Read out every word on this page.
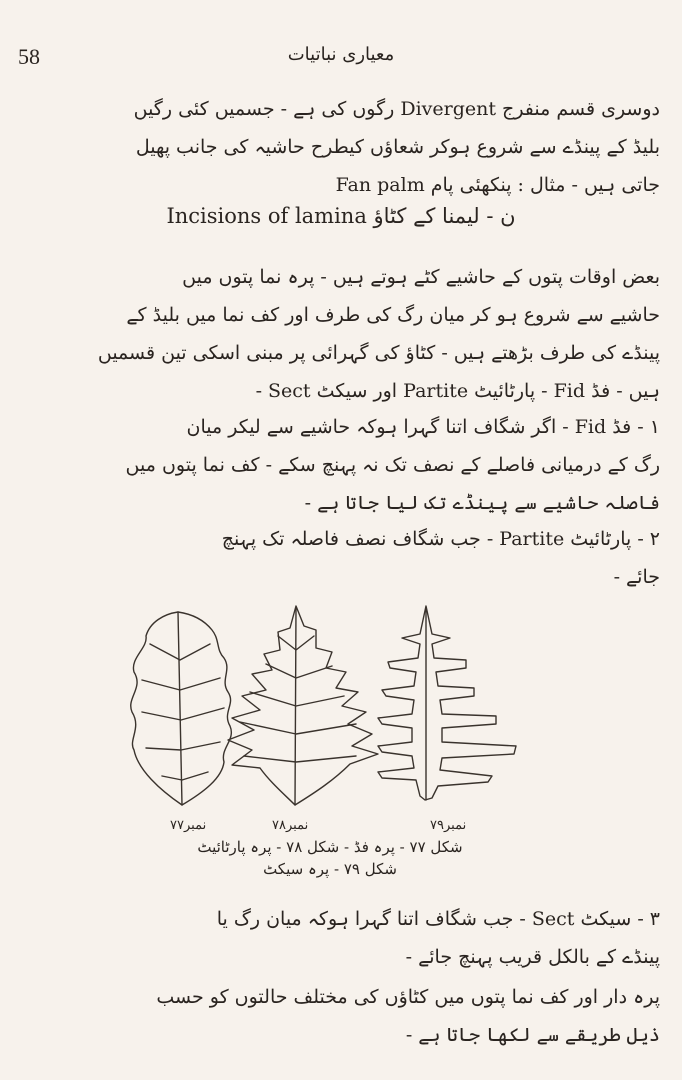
58	معیاری نباتیات
دوسری قسم منفرج Divergent رگوں کی ہے - جسمیں کئی رگیں
بلیڈ کے پینڈے سے شروع ہوکر شعاؤں کیطرح حاشیہ کی جانب پھیل
جاتی ہیں - مثال : پنکھئی پام Fan palm
ن - لیمنا کے کٹاؤ Incisions of lamina
بعض اوقات پتوں کے حاشیے کٹے ہوتے ہیں - پرہ نما پتوں میں
حاشیے سے شروع ہو کر میان رگ کی طرف اور کف نما میں بلیڈ کے
پینڈے کی طرف بڑھتے ہیں - کٹاؤ کی گہرائی پر مبنی اسکی تین قسمیں
ہیں - فڈ Fid - پارٹائیٹ Partite اور سیکٹ Sect -
۱ - فڈ Fid - اگر شگاف اتنا گہرا ہوکہ حاشیے سے لیکر میان
رگ کے درمیانی فاصلے کے نصف تک نہ پہنچ سکے - کف نما پتوں میں
فاصلہ حاشیے سے پینڈے تک لیا جاتا ہے -
۲ - پارٹائیٹ Partite - جب شگاف نصف فاصلہ تک پہنچ
جائے -
نمبر۷۷	نمبر۷۸	نمبر۷۹
شکل ۷۷ - پرہ فڈ - شکل ۷۸ - پرہ پارٹائیٹ
شکل ۷۹ - پرہ سیکٹ
۳ - سیکٹ Sect - جب شگاف اتنا گہرا ہوکہ میان رگ یا
پینڈے کے بالکل قریب پہنچ جائے -
پرہ دار اور کف نما پتوں میں کٹاؤں کی مختلف حالتوں کو حسب
ذیل طریقے سے لکھا جاتا ہے -
